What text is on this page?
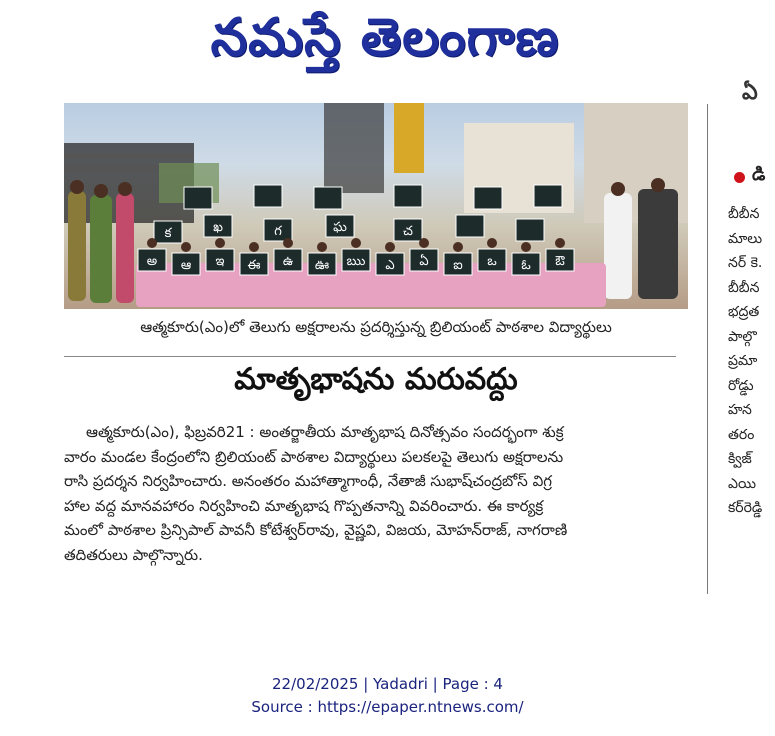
నమస్తే తెలంగాణ
అ ఆ ఇ ఈ ఉ ఊ ఋ ఎ ఏ ఐ ఒ ఓ ఔ
క	ఖ	గ	ఘ	చ
ఆత్మకూరు(ఎం)లో తెలుగు అక్షరాలను ప్రదర్శిస్తున్న బ్రిలియంట్ పాఠశాల విద్యార్థులు
మాతృభాషను మరువద్దు

ఆత్మకూరు(ఎం), ఫిబ్రవరి21 : అంతర్జాతీయ మాతృభాష దినోత్సవం సందర్భంగా శుక్ర

వారం మండల కేంద్రంలోని బ్రిలియంట్ పాఠశాల విద్యార్థులు పలకలపై తెలుగు అక్షరాలను

రాసి ప్రదర్శన నిర్వహించారు. అనంతరం మహాత్మాగాంధీ, నేతాజీ సుభాష్‌చంద్రబోస్ విగ్ర

హాల వద్ద మానవహారం నిర్వహించి మాతృభాష గొప్పతనాన్ని వివరించారు. ఈ కార్యక్ర

మంలో పాఠశాల ప్రిన్సిపాల్ పావనీ కోటేశ్వర్‌రావు, వైష్ణవి, విజయ, మోహన్‌రాజ్, నాగరాణి

తదితరులు పాల్గొన్నారు.

ఏ
డి
బీబీన
మాలు
నర్ కె.
బీబీన
భద్రత
పాల్గొ
ప్రమా
రోడ్డు
హన
తరం
క్విజ్
ఎయి
కర్‌రెడ్డి
22/02/2025 | Yadadri | Page : 4
Source : https://epaper.ntnews.com/
